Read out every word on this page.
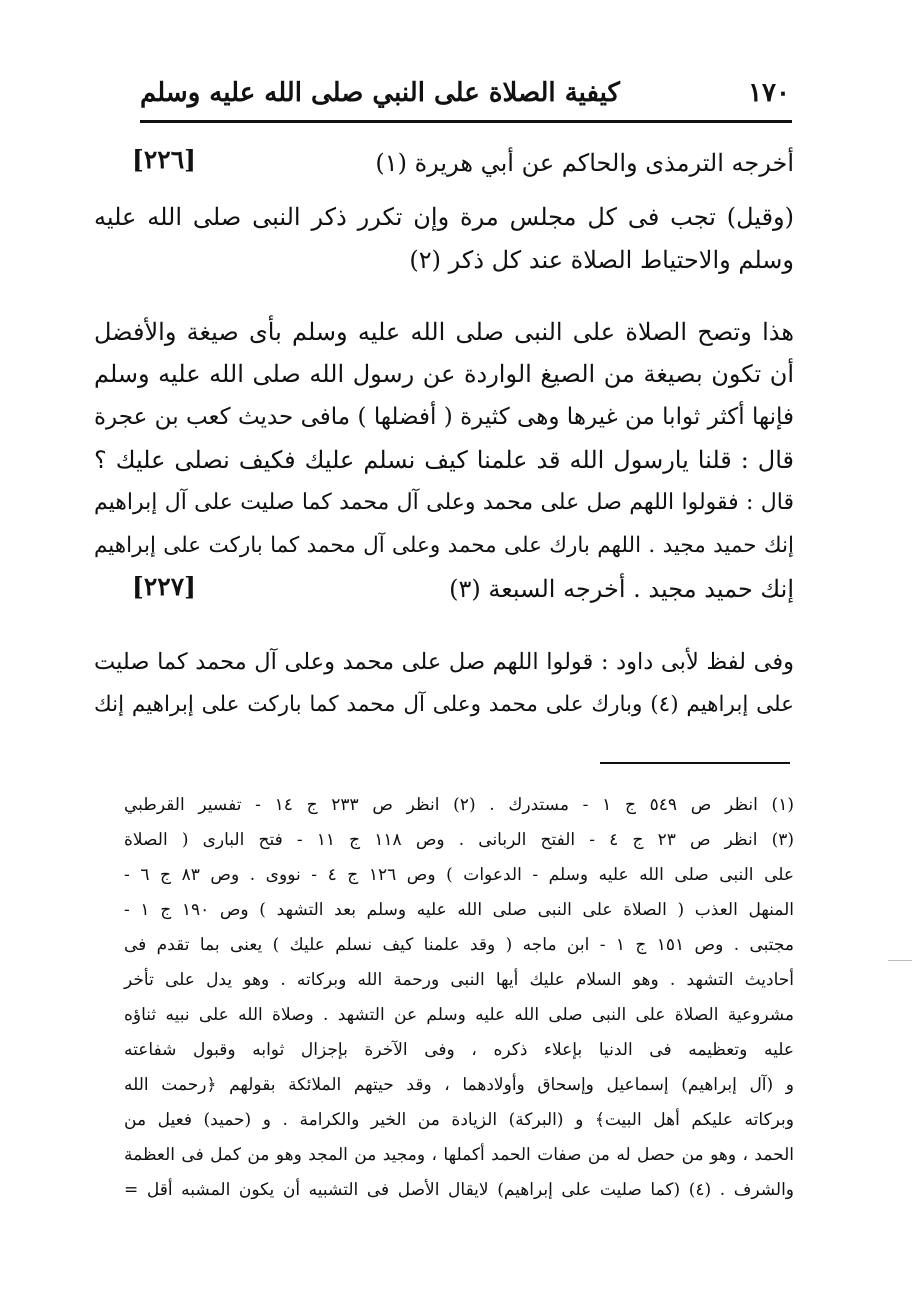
١٧٠
كيفية الصلاة على النبي صلى الله عليه وسلم
أخرجه الترمذى والحاكم عن أبي هريرة (١)
[٢٢٦]
(وقيل) تجب فى كل مجلس مرة وإن تكرر ذكر النبى صلى الله عليه
وسلم والاحتياط الصلاة عند كل ذكر (٢)
هذا وتصح الصلاة على النبى صلى الله عليه وسلم بأى صيغة والأفضل
أن تكون بصيغة من الصيغ الواردة عن رسول الله صلى الله عليه وسلم
فإنها أكثر ثوابا من غيرها وهى كثيرة ( أفضلها ) مافى حديث كعب بن عجرة
قال : قلنا يارسول الله قد علمنا كيف نسلم عليك فكيف نصلى عليك ؟
قال : فقولوا اللهم صل على محمد وعلى آل محمد كما صليت على آل إبراهيم
إنك حميد مجيد . اللهم بارك على محمد وعلى آل محمد كما باركت على إبراهيم
إنك حميد مجيد . أخرجه السبعة (٣)
[٢٢٧]
وفى لفظ لأبى داود : قولوا اللهم صل على محمد وعلى آل محمد كما صليت
على إبراهيم (٤) وبارك على محمد وعلى آل محمد كما باركت على إبراهيم إنك
(١) انظر ص ٥٤٩ ج ١ - مستدرك . (٢) انظر ص ٢٣٣ ج ١٤ - تفسير القرطبي
(٣) انظر ص ٢٣ ج ٤ - الفتح الربانى . وص ١١٨ ج ١١ - فتح البارى ( الصلاة
على النبى صلى الله عليه وسلم - الدعوات ) وص ١٢٦ ج ٤ - نووى . وص ٨٣ ج ٦ -
المنهل العذب ( الصلاة على النبى صلى الله عليه وسلم بعد التشهد ) وص ١٩٠ ج ١ -
مجتبى . وص ١٥١ ج ١ - ابن ماجه ( وقد علمنا كيف نسلم عليك ) يعنى بما تقدم فى
أحاديث التشهد . وهو السلام عليك أيها النبى ورحمة الله وبركاته . وهو يدل على تأخر
مشروعية الصلاة على النبى صلى الله عليه وسلم عن التشهد . وصلاة الله على نبيه ثناؤه
عليه وتعظيمه فى الدنيا بإعلاء ذكره ، وفى الآخرة بإجزال ثوابه وقبول شفاعته
و (آل إبراهيم) إسماعيل وإسحاق وأولادهما ، وقد حيتهم الملائكة بقولهم ﴿رحمت الله
وبركاته عليكم أهل البيت﴾ و (البركة) الزيادة من الخير والكرامة . و (حميد) فعيل من
الحمد ، وهو من حصل له من صفات الحمد أكملها ، ومجيد من المجد وهو من كمل فى العظمة
والشرف . (٤) (كما صليت على إبراهيم) لايقال الأصل فى التشبيه أن يكون المشبه أقل =
